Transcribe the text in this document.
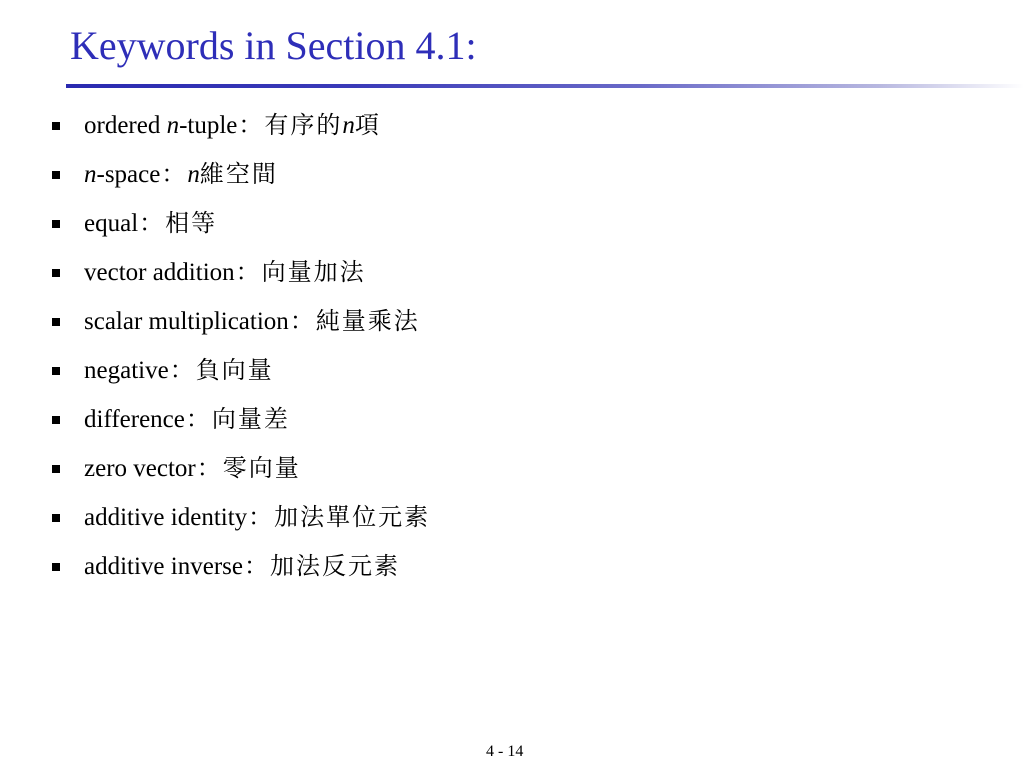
Keywords in Section 4.1:
ordered n-tuple ： 有序的n項
n-space ： n維空間
equal ： 相等
vector addition ： 向量加法
scalar multiplication ： 純量乘法
negative ： 負向量
difference ： 向量差
zero vector ： 零向量
additive identity ： 加法單位元素
additive inverse ： 加法反元素
4 - 14
